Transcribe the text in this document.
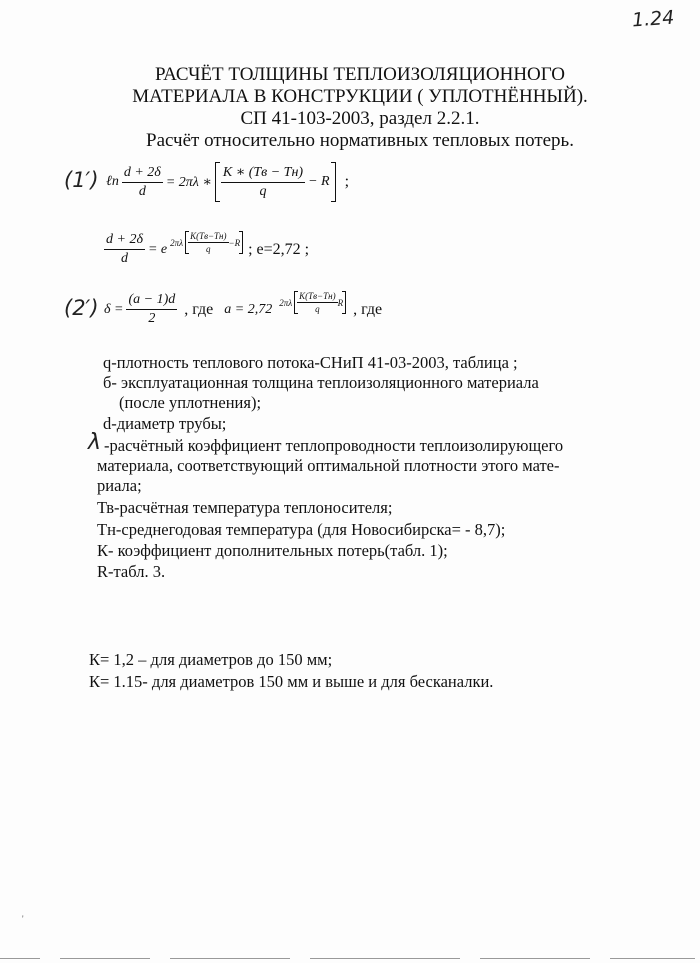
1.24
РАСЧЁТ ТОЛЩИНЫ ТЕПЛОИЗОЛЯЦИОННОГО
МАТЕРИАЛА В КОНСТРУКЦИИ ( УПЛОТНЁННЫЙ).
СП 41-103-2003, раздел 2.2.1.
Расчёт относительно нормативных тепловых потерь.
(1′) ℓn $\frac{d + 2\delta}{d} = 2\pi\lambda$ ∗ $\frac{K ∗ (Tв - Tн)}{q} - R$ ;
$\frac{d + 2\delta}{d} = e$ $2\pi\lambda \frac{K(Tв-Tн)}{q} -R$ ; e=2,72 ;
(2′) $\delta = \frac{(a - 1)d}{2}$ , где a = 2,72 $2\pi\lambda \frac{K(Tв-Tн)}{q}$ R , где
q-плотность теплового потока-СНиП 41-03-2003, таблица ;
б- эксплуатационная толщина теплоизоляционного материала
(после уплотнения);
d-диаметр трубы;
λ -расчётный коэффициент теплопроводности теплоизолирующего
материала, соответствующий оптимальной плотности этого мате-
риала;
Тв-расчётная температура теплоносителя;
Тн-среднегодовая температура (для Новосибирска= - 8,7);
К- коэффициент дополнительных потерь(табл. 1);
R-табл. 3.
К= 1,2 – для диаметров до 150 мм;
К= 1.15- для диаметров 150 мм и выше и для бесканалки.
'
